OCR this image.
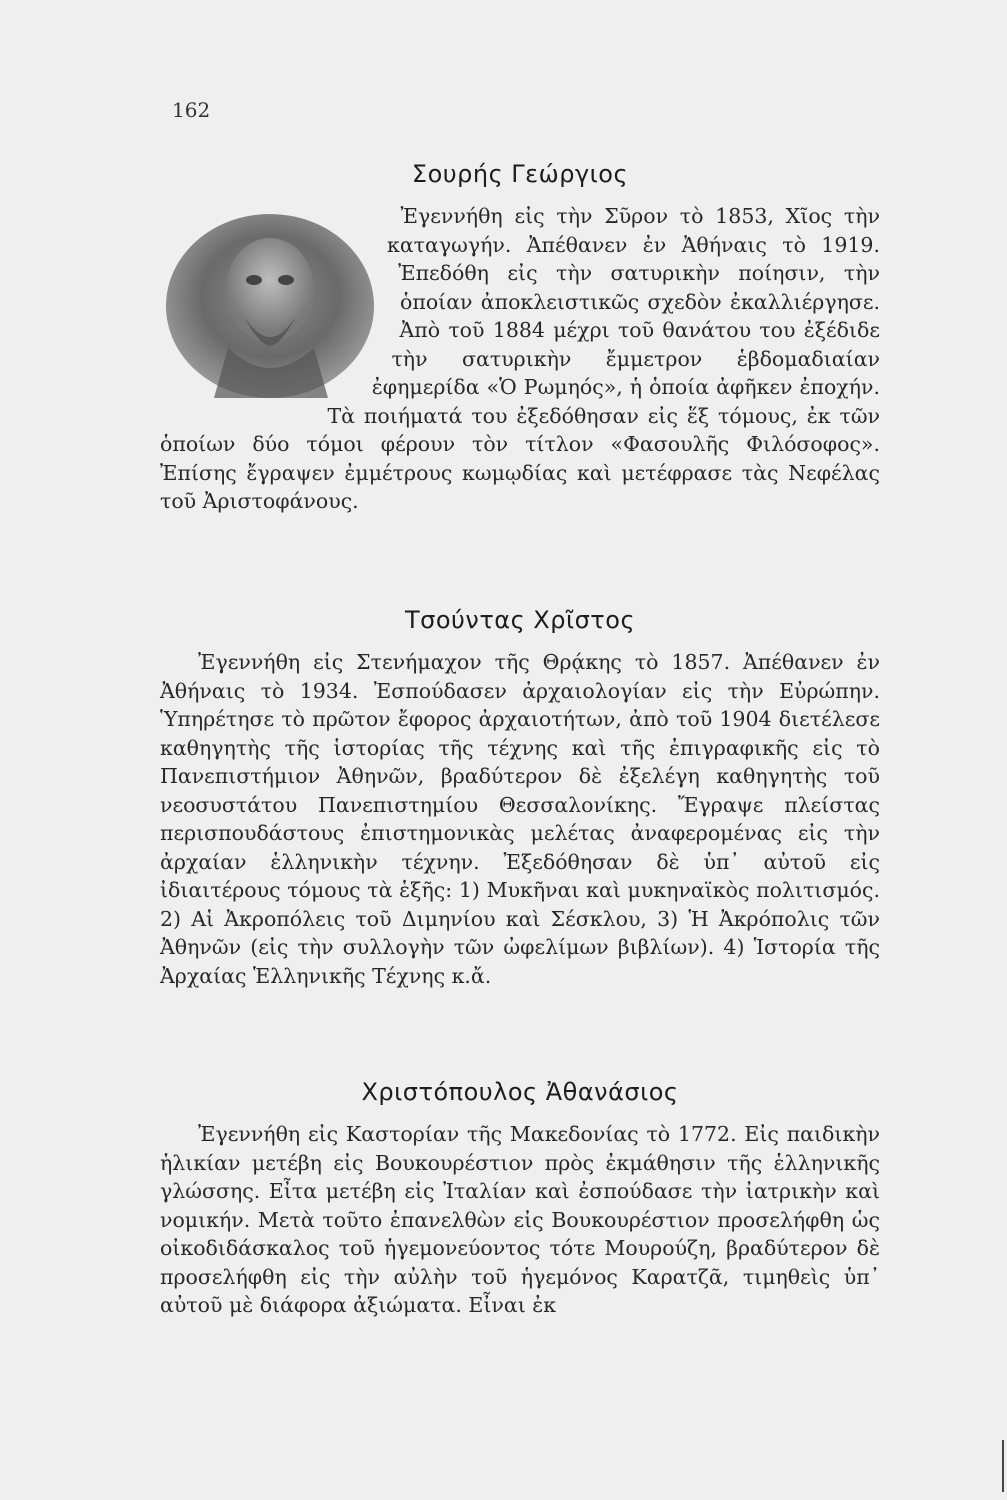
162

Σουρής Γεώργιος

Ἐγεννήθη εἰς τὴν Σῦρον τὸ 1853, Χῖος τὴν καταγωγήν. Ἀπέθανεν ἐν Ἀθήναις τὸ 1919. Ἐπεδόθη εἰς τὴν σατυρικὴν ποίησιν, τὴν ὁποίαν ἀποκλειστικῶς σχεδὸν ἐκαλλιέργησε. Ἀπὸ τοῦ 1884 μέχρι τοῦ θανάτου του ἐξέδιδε τὴν σατυρικὴν ἔμμετρον ἑβδομαδιαίαν ἐφημερίδα «Ὁ Ρωμηός», ἡ ὁποία ἀφῆκεν ἐποχήν. Τὰ ποιήματά του ἐξεδόθησαν εἰς ἕξ τόμους, ἐκ τῶν ὁποίων δύο τόμοι φέρουν τὸν τίτλον «Φασουλῆς Φιλόσοφος». Ἐπίσης ἔγραψεν ἐμμέτρους κωμῳδίας καὶ μετέφρασε τὰς Νεφέλας τοῦ Ἀριστοφάνους.

Τσούντας Χρῖστος

Ἐγεννήθη εἰς Στενήμαχον τῆς Θρᾴκης τὸ 1857. Ἀπέθανεν ἐν Ἀθήναις τὸ 1934. Ἐσπούδασεν ἀρχαιολογίαν εἰς τὴν Εὐρώπην. Ὑπηρέτησε τὸ πρῶτον ἔφορος ἀρχαιοτήτων, ἀπὸ τοῦ 1904 διετέλεσε καθηγητὴς τῆς ἱστορίας τῆς τέχνης καὶ τῆς ἐπιγραφικῆς εἰς τὸ Πανεπιστήμιον Ἀθηνῶν, βραδύτερον δὲ ἐξελέγη καθηγητὴς τοῦ νεοσυστάτου Πανεπιστημίου Θεσσαλονίκης. Ἔγραψε πλείστας περισπουδάστους ἐπιστημονικὰς μελέτας ἀναφερομένας εἰς τὴν ἀρχαίαν ἑλληνικὴν τέχνην. Ἐξεδόθησαν δὲ ὑπ᾽ αὐτοῦ εἰς ἰδιαιτέρους τόμους τὰ ἑξῆς: 1) Μυκῆναι καὶ μυκηναϊκὸς πολιτισμός. 2) Αἱ Ἀκροπόλεις τοῦ Διμηνίου καὶ Σέσκλου, 3) Ἡ Ἀκρόπολις τῶν Ἀθηνῶν (εἰς τὴν συλλογὴν τῶν ὠφελίμων βιβλίων). 4) Ἱστορία τῆς Ἀρχαίας Ἑλληνικῆς Τέχνης κ.ἄ.

Χριστόπουλος Ἀθανάσιος

Ἐγεννήθη εἰς Καστορίαν τῆς Μακεδονίας τὸ 1772. Εἰς παιδικὴν ἡλικίαν μετέβη εἰς Βουκουρέστιον πρὸς ἐκμάθησιν τῆς ἑλληνικῆς γλώσσης. Εἶτα μετέβη εἰς Ἰταλίαν καὶ ἐσπούδασε τὴν ἰατρικὴν καὶ νομικήν. Μετὰ τοῦτο ἐπανελθὼν εἰς Βουκουρέστιον προσελήφθη ὡς οἰκοδιδάσκαλος τοῦ ἡγεμονεύοντος τότε Μουρούζη, βραδύτερον δὲ προσελήφθη εἰς τὴν αὐλὴν τοῦ ἡγεμόνος Καρατζᾶ, τιμηθεὶς ὑπ᾽ αὐτοῦ μὲ διάφορα ἀξιώματα. Εἶναι ἐκ
